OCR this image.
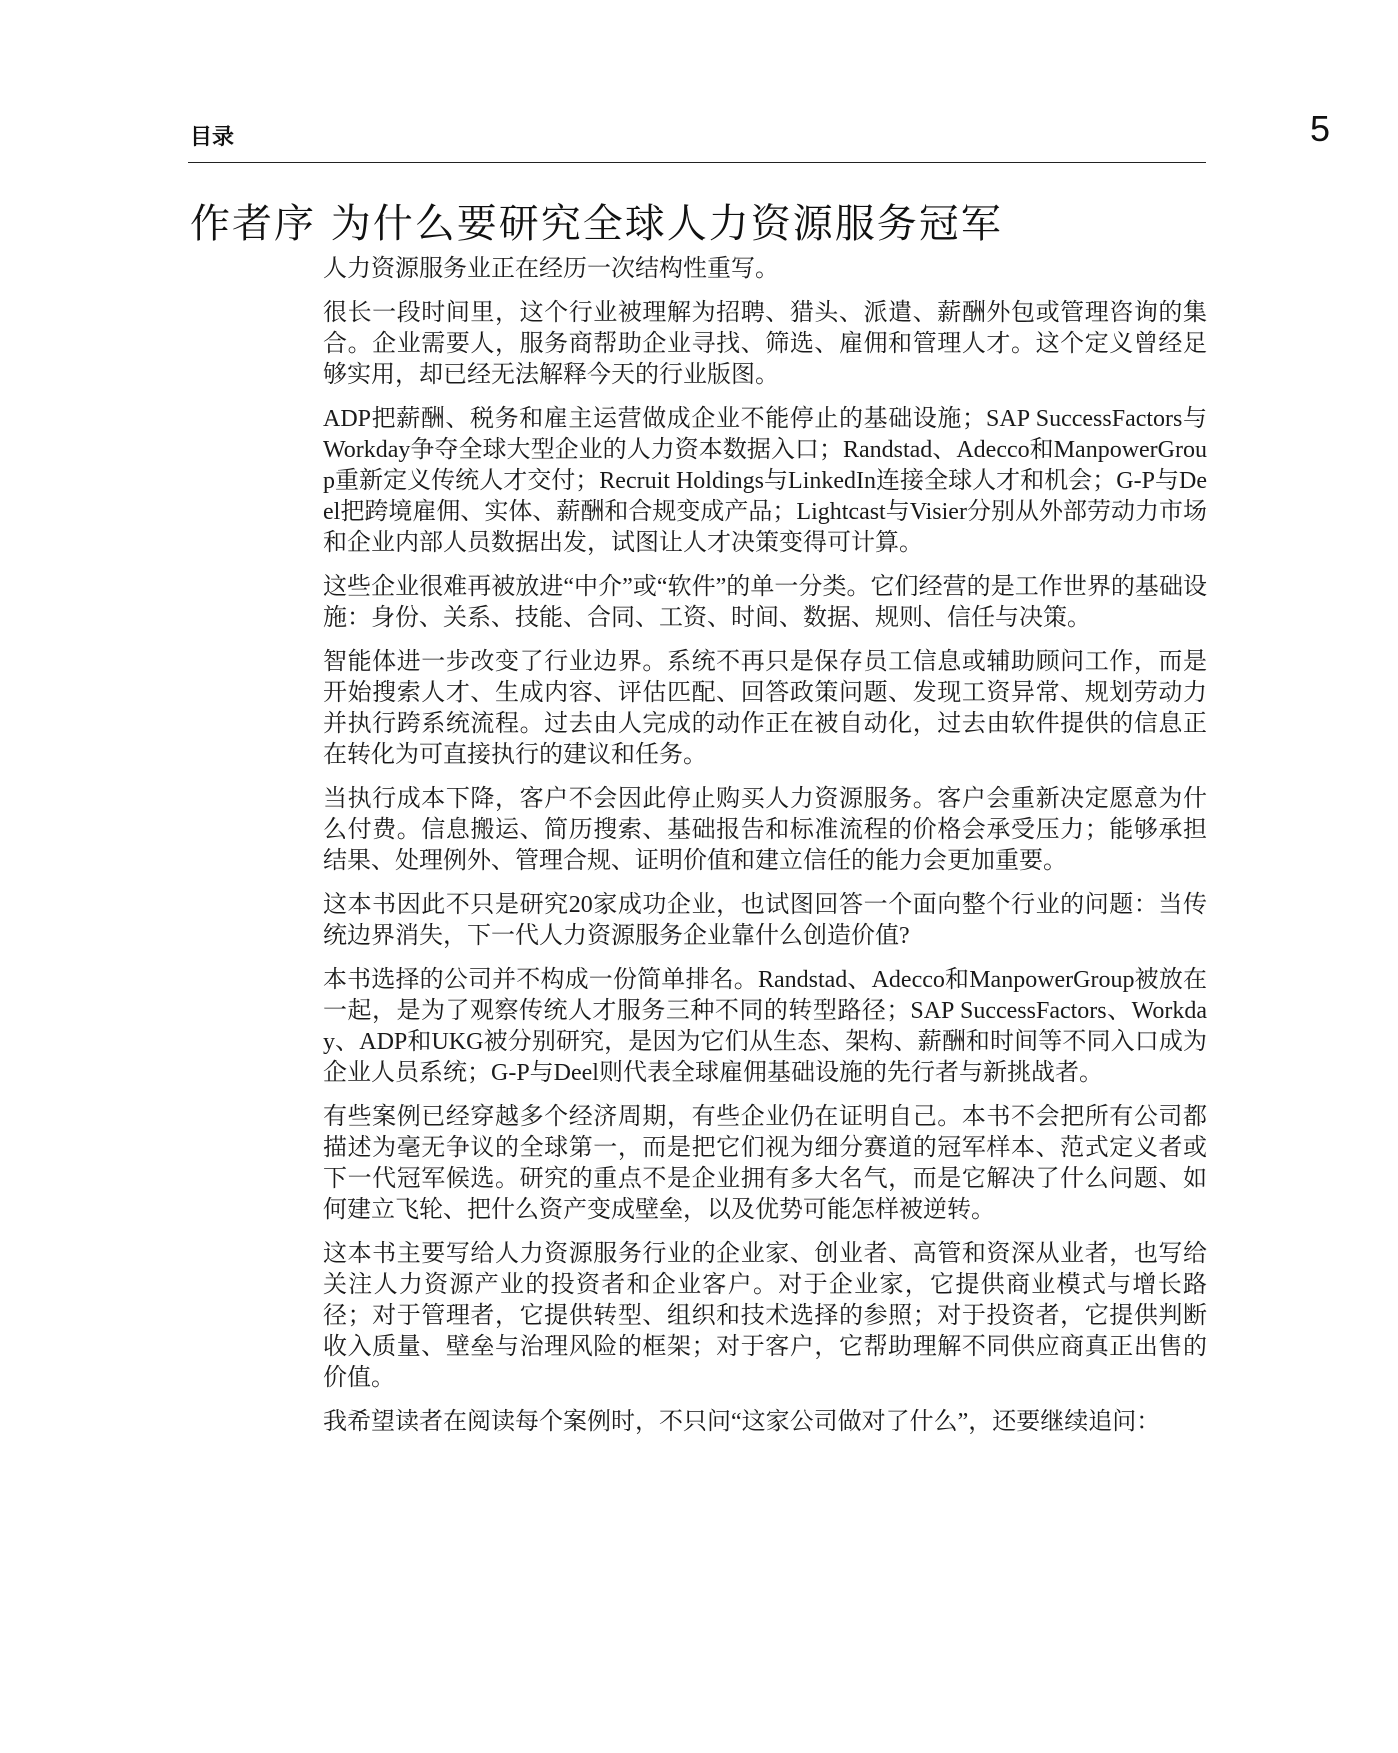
目录	5
作者序 为什么要研究全球人力资源服务冠军

人力资源服务业正在经历一次结构性重写。

很长一段时间里，这个行业被理解为招聘、猎头、派遣、薪酬外包或管理咨询的集合。企业需要人，服务商帮助企业寻找、筛选、雇佣和管理人才。这个定义曾经足够实用，却已经无法解释今天的行业版图。

ADP把薪酬、税务和雇主运营做成企业不能停止的基础设施；SAP SuccessFactors与Workday争夺全球大型企业的人力资本数据入口；Randstad、Adecco和ManpowerGroup重新定义传统人才交付；Recruit Holdings与LinkedIn连接全球人才和机会；G-P与Deel把跨境雇佣、实体、薪酬和合规变成产品；Lightcast与Visier分别从外部劳动力市场和企业内部人员数据出发，试图让人才决策变得可计算。

这些企业很难再被放进“中介”或“软件”的单一分类。它们经营的是工作世界的基础设施：身份、关系、技能、合同、工资、时间、数据、规则、信任与决策。

智能体进一步改变了行业边界。系统不再只是保存员工信息或辅助顾问工作，而是开始搜索人才、生成内容、评估匹配、回答政策问题、发现工资异常、规划劳动力并执行跨系统流程。过去由人完成的动作正在被自动化，过去由软件提供的信息正在转化为可直接执行的建议和任务。

当执行成本下降，客户不会因此停止购买人力资源服务。客户会重新决定愿意为什么付费。信息搬运、简历搜索、基础报告和标准流程的价格会承受压力；能够承担结果、处理例外、管理合规、证明价值和建立信任的能力会更加重要。

这本书因此不只是研究20家成功企业，也试图回答一个面向整个行业的问题：当传统边界消失，下一代人力资源服务企业靠什么创造价值?

本书选择的公司并不构成一份简单排名。Randstad、Adecco和ManpowerGroup被放在一起，是为了观察传统人才服务三种不同的转型路径；SAP SuccessFactors、Workday、ADP和UKG被分别研究，是因为它们从生态、架构、薪酬和时间等不同入口成为企业人员系统；G-P与Deel则代表全球雇佣基础设施的先行者与新挑战者。

有些案例已经穿越多个经济周期，有些企业仍在证明自己。本书不会把所有公司都描述为毫无争议的全球第一，而是把它们视为细分赛道的冠军样本、范式定义者或下一代冠军候选。研究的重点不是企业拥有多大名气，而是它解决了什么问题、如何建立飞轮、把什么资产变成壁垒，以及优势可能怎样被逆转。

这本书主要写给人力资源服务行业的企业家、创业者、高管和资深从业者，也写给关注人力资源产业的投资者和企业客户。对于企业家，它提供商业模式与增长路径；对于管理者，它提供转型、组织和技术选择的参照；对于投资者，它提供判断收入质量、壁垒与治理风险的框架；对于客户，它帮助理解不同供应商真正出售的价值。

我希望读者在阅读每个案例时，不只问“这家公司做对了什么”，还要继续追问：
